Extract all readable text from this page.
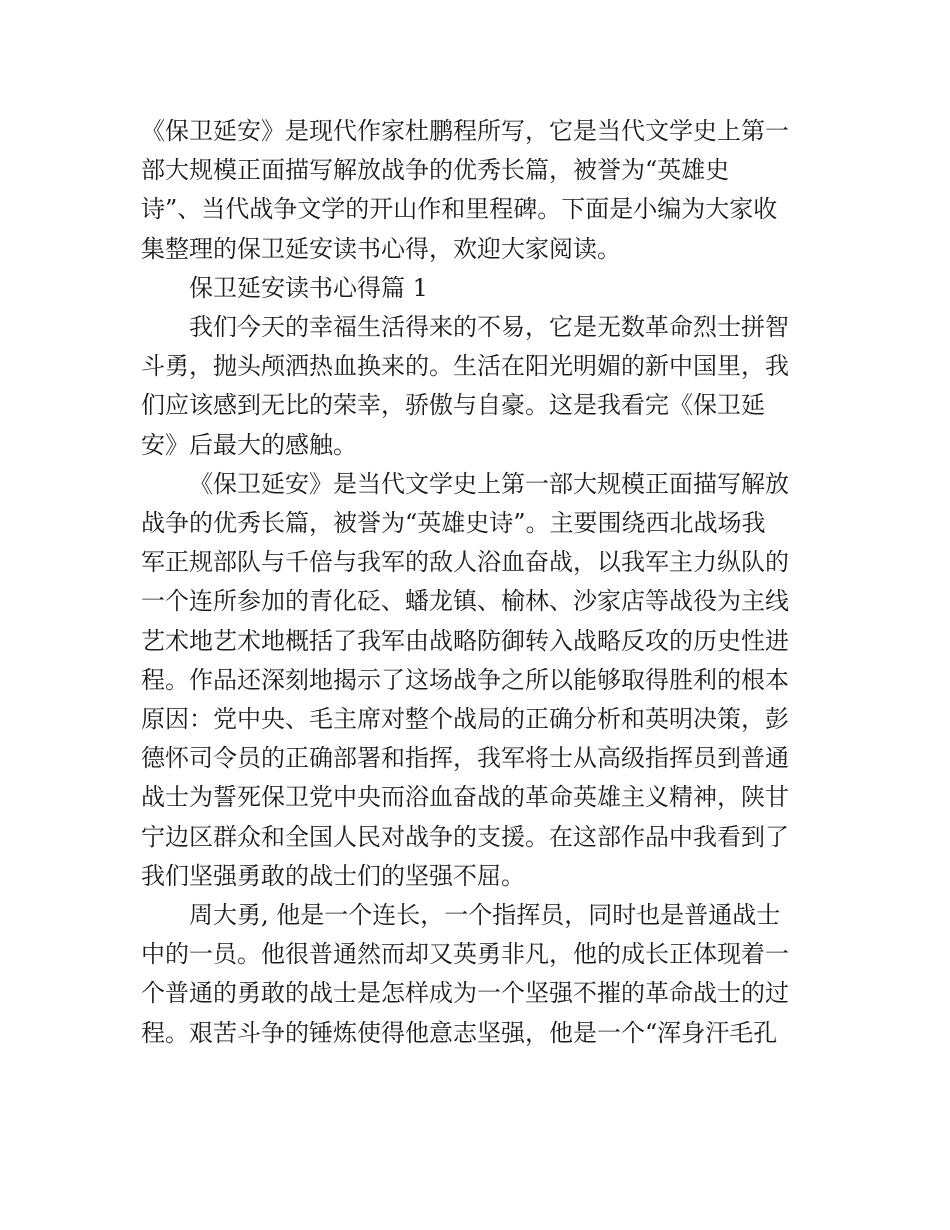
《保卫延安》是现代作家杜鹏程所写，它是当代文学史上第一
部大规模正面描写解放战争的优秀长篇，被誉为“英雄史
诗”、当代战争文学的开山作和里程碑。下面是小编为大家收
集整理的保卫延安读书心得，欢迎大家阅读。

保卫延安读书心得篇 1

我们今天的幸福生活得来的不易，它是无数革命烈士拼智
斗勇，抛头颅洒热血换来的。生活在阳光明媚的新中国里，我
们应该感到无比的荣幸，骄傲与自豪。这是我看完《保卫延
安》后最大的感触。

《保卫延安》是当代文学史上第一部大规模正面描写解放
战争的优秀长篇，被誉为“英雄史诗”。主要围绕西北战场我
军正规部队与千倍与我军的敌人浴血奋战，以我军主力纵队的
一个连所参加的青化砭、蟠龙镇、榆林、沙家店等战役为主线
艺术地艺术地概括了我军由战略防御转入战略反攻的历史性进
程。作品还深刻地揭示了这场战争之所以能够取得胜利的根本
原因：党中央、毛主席对整个战局的正确分析和英明决策，彭
德怀司令员的正确部署和指挥，我军将士从高级指挥员到普通
战士为誓死保卫党中央而浴血奋战的革命英雄主义精神，陕甘
宁边区群众和全国人民对战争的支援。在这部作品中我看到了
我们坚强勇敢的战士们的坚强不屈。

周大勇, 他是一个连长，一个指挥员，同时也是普通战士
中的一员。他很普通然而却又英勇非凡，他的成长正体现着一
个普通的勇敢的战士是怎样成为一个坚强不摧的革命战士的过
程。艰苦斗争的锤炼使得他意志坚强，他是一个“浑身汗毛孔
